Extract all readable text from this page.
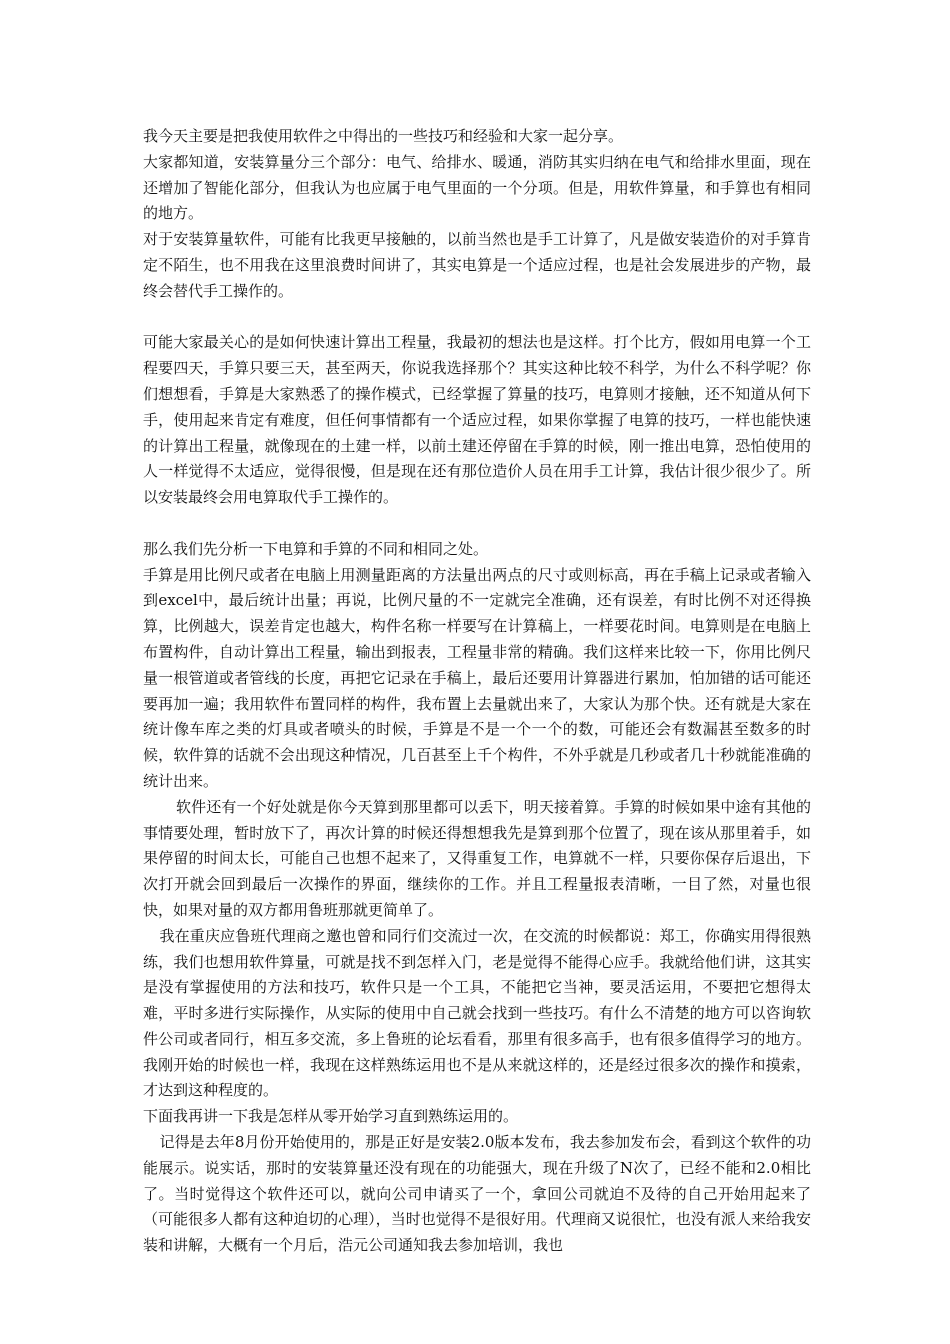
我今天主要是把我使用软件之中得出的一些技巧和经验和大家一起分享。

大家都知道，安装算量分三个部分：电气、给排水、暖通，消防其实归纳在电气和给排水里面，现在还增加了智能化部分，但我认为也应属于电气里面的一个分项。但是，用软件算量，和手算也有相同的地方。

对于安装算量软件，可能有比我更早接触的，以前当然也是手工计算了，凡是做安装造价的对手算肯定不陌生，也不用我在这里浪费时间讲了，其实电算是一个适应过程，也是社会发展进步的产物，最终会替代手工操作的。

可能大家最关心的是如何快速计算出工程量，我最初的想法也是这样。打个比方，假如用电算一个工程要四天，手算只要三天，甚至两天，你说我选择那个？其实这种比较不科学，为什么不科学呢？你们想想看，手算是大家熟悉了的操作模式，已经掌握了算量的技巧，电算则才接触，还不知道从何下手，使用起来肯定有难度，但任何事情都有一个适应过程，如果你掌握了电算的技巧，一样也能快速的计算出工程量，就像现在的土建一样，以前土建还停留在手算的时候，刚一推出电算，恐怕使用的人一样觉得不太适应，觉得很慢，但是现在还有那位造价人员在用手工计算，我估计很少很少了。所以安装最终会用电算取代手工操作的。

那么我们先分析一下电算和手算的不同和相同之处。

手算是用比例尺或者在电脑上用测量距离的方法量出两点的尺寸或则标高，再在手稿上记录或者输入到excel中，最后统计出量；再说，比例尺量的不一定就完全准确，还有误差，有时比例不对还得换算，比例越大，误差肯定也越大，构件名称一样要写在计算稿上，一样要花时间。电算则是在电脑上布置构件，自动计算出工程量，输出到报表，工程量非常的精确。我们这样来比较一下，你用比例尺量一根管道或者管线的长度，再把它记录在手稿上，最后还要用计算器进行累加，怕加错的话可能还要再加一遍；我用软件布置同样的构件，我布置上去量就出来了，大家认为那个快。还有就是大家在统计像车库之类的灯具或者喷头的时候，手算是不是一个一个的数，可能还会有数漏甚至数多的时候，软件算的话就不会出现这种情况，几百甚至上千个构件，不外乎就是几秒或者几十秒就能准确的统计出来。

软件还有一个好处就是你今天算到那里都可以丢下，明天接着算。手算的时候如果中途有其他的事情要处理，暂时放下了，再次计算的时候还得想想我先是算到那个位置了，现在该从那里着手，如果停留的时间太长，可能自己也想不起来了，又得重复工作，电算就不一样，只要你保存后退出，下次打开就会回到最后一次操作的界面，继续你的工作。并且工程量报表清晰，一目了然，对量也很快，如果对量的双方都用鲁班那就更简单了。

我在重庆应鲁班代理商之邀也曾和同行们交流过一次，在交流的时候都说：郑工，你确实用得很熟练，我们也想用软件算量，可就是找不到怎样入门，老是觉得不能得心应手。我就给他们讲，这其实是没有掌握使用的方法和技巧，软件只是一个工具，不能把它当神，要灵活运用，不要把它想得太难，平时多进行实际操作，从实际的使用中自己就会找到一些技巧。有什么不清楚的地方可以咨询软件公司或者同行，相互多交流，多上鲁班的论坛看看，那里有很多高手，也有很多值得学习的地方。我刚开始的时候也一样，我现在这样熟练运用也不是从来就这样的，还是经过很多次的操作和摸索，才达到这种程度的。

下面我再讲一下我是怎样从零开始学习直到熟练运用的。

记得是去年8月份开始使用的，那是正好是安装2.0版本发布，我去参加发布会，看到这个软件的功能展示。说实话，那时的安装算量还没有现在的功能强大，现在升级了N次了，已经不能和2.0相比了。当时觉得这个软件还可以，就向公司申请买了一个，拿回公司就迫不及待的自己开始用起来了（可能很多人都有这种迫切的心理），当时也觉得不是很好用。代理商又说很忙，也没有派人来给我安装和讲解，大概有一个月后，浩元公司通知我去参加培训，我也
